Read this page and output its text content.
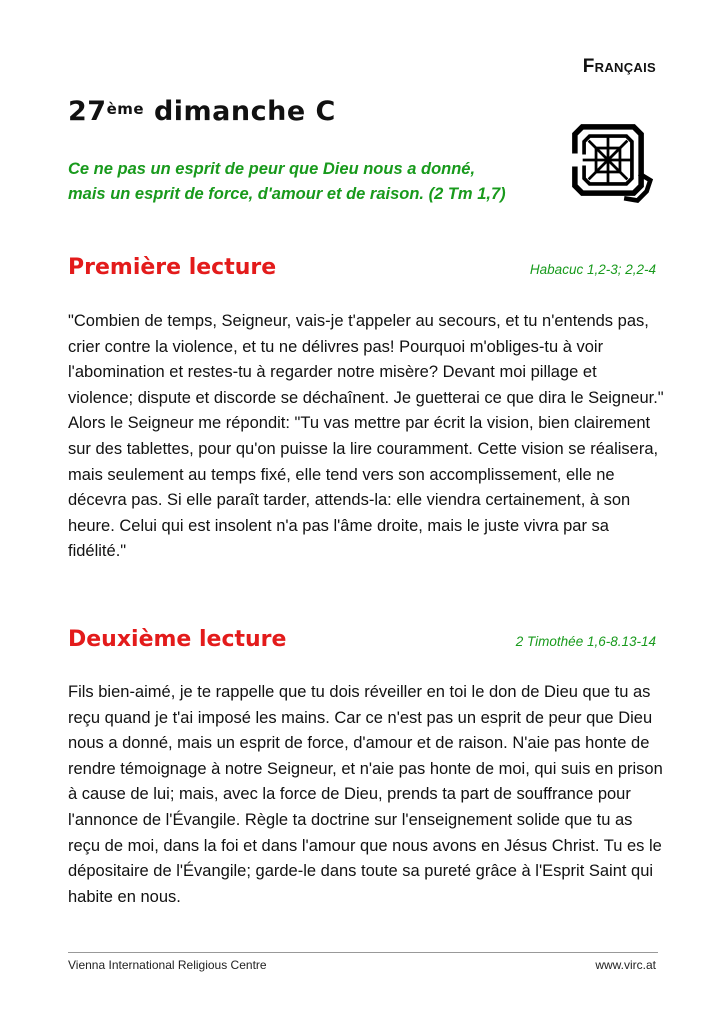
Français
27ème dimanche C
Ce ne pas un esprit de peur que Dieu nous a donné,
mais un esprit de force, d'amour et de raison. (2 Tm 1,7)
Première lecture	Habacuc 1,2-3; 2,2-4
"Combien de temps, Seigneur, vais-je t'appeler au secours, et tu n'entends pas, crier contre la violence, et tu ne délivres pas! Pourquoi m'obliges-tu à voir l'abomination et restes-tu à regarder notre misère? Devant moi pillage et violence; dispute et discorde se déchaînent. Je guetterai ce que dira le Seigneur." Alors le Seigneur me répondit: "Tu vas mettre par écrit la vision, bien clairement sur des tablettes, pour qu'on puisse la lire couramment. Cette vision se réalisera, mais seulement au temps fixé, elle tend vers son accomplissement, elle ne décevra pas. Si elle paraît tarder, attends-la: elle viendra certainement, à son heure. Celui qui est insolent n'a pas l'âme droite, mais le juste vivra par sa fidélité."
Deuxième lecture	2 Timothée 1,6-8.13-14
Fils bien-aimé, je te rappelle que tu dois réveiller en toi le don de Dieu que tu as reçu quand je t'ai imposé les mains. Car ce n'est pas un esprit de peur que Dieu nous a donné, mais un esprit de force, d'amour et de raison. N'aie pas honte de rendre témoignage à notre Seigneur, et n'aie pas honte de moi, qui suis en prison à cause de lui; mais, avec la force de Dieu, prends ta part de souffrance pour l'annonce de l'Évangile. Règle ta doctrine sur l'enseignement solide que tu as reçu de moi, dans la foi et dans l'amour que nous avons en Jésus Christ. Tu es le dépositaire de l'Évangile; garde-le dans toute sa pureté grâce à l'Esprit Saint qui habite en nous.
Vienna International Religious Centre	www.virc.at
